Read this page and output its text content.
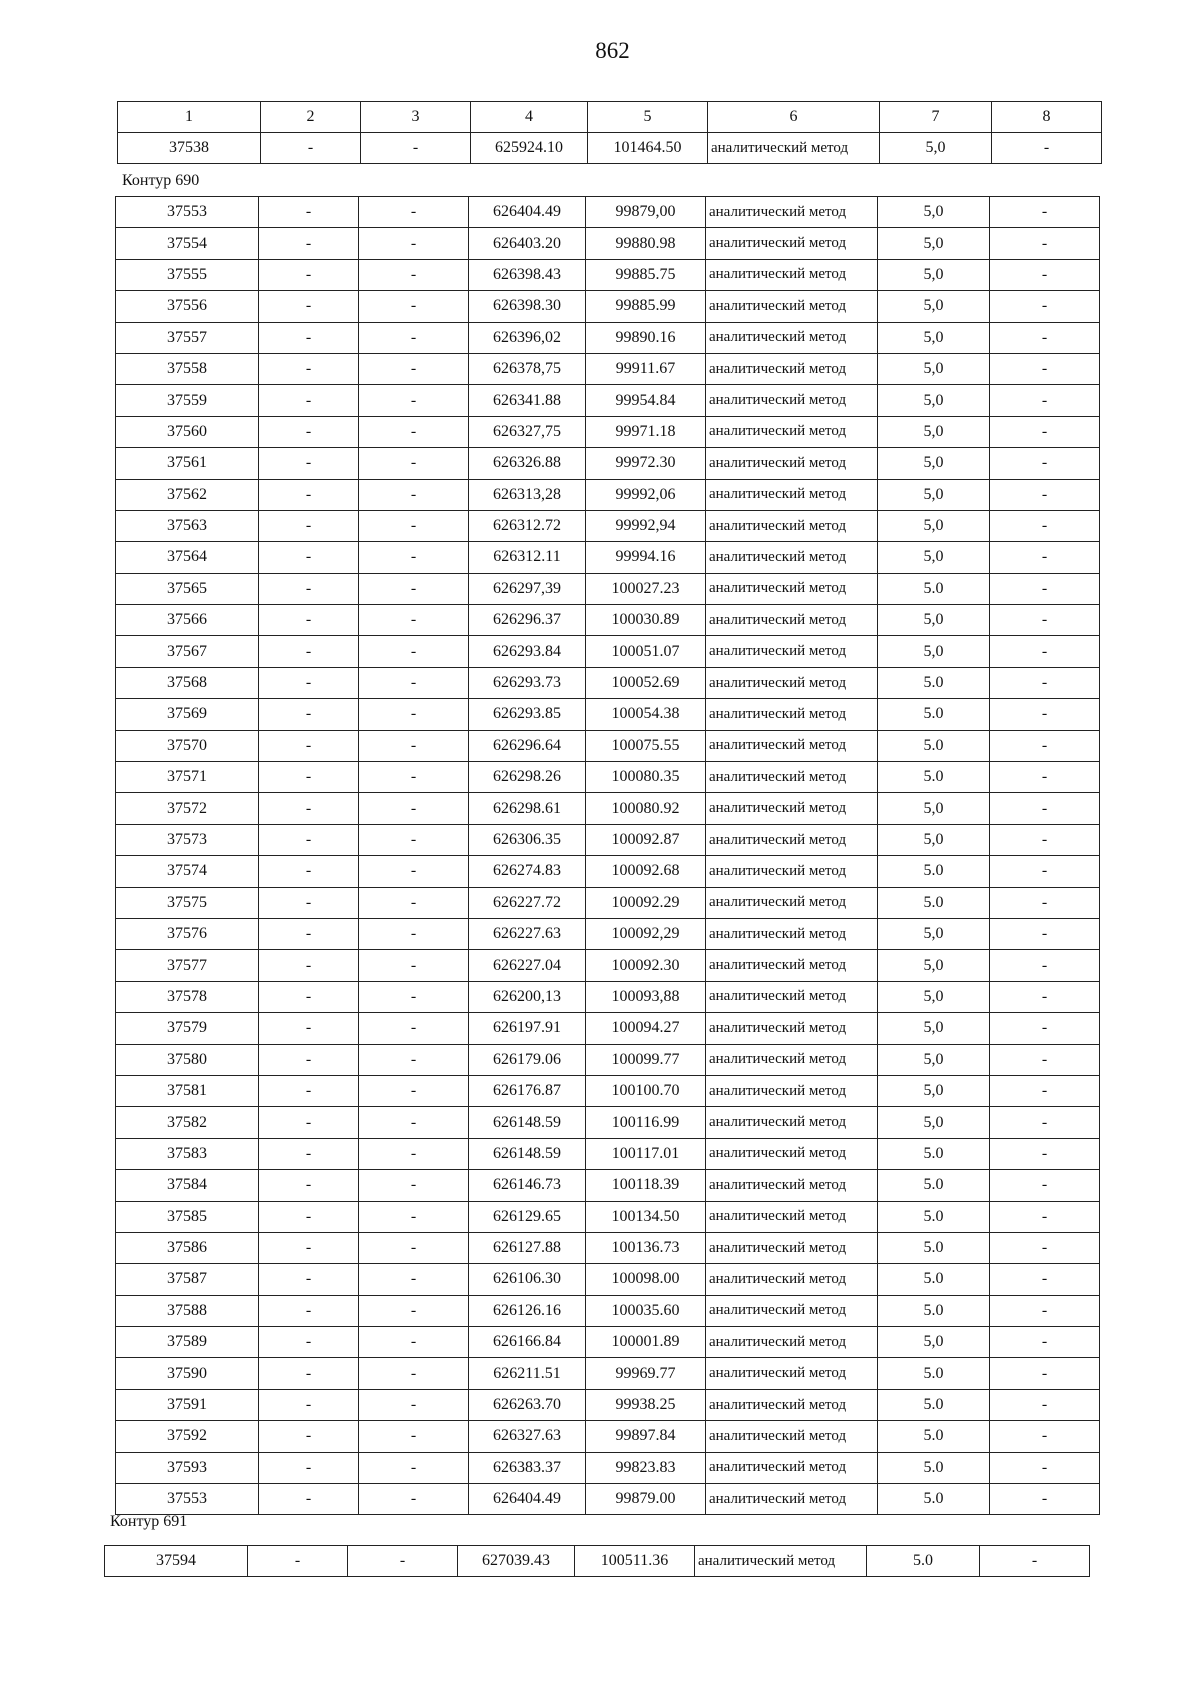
862
1	2	3	4	5	6	7	8
37538	-	-	625924.10	101464.50	аналитический метод	5,0	-
Контур 690
37553	-	-	626404.49	99879,00	аналитический метод	5,0	-
37554	-	-	626403.20	99880.98	аналитический метод	5,0	-
37555	-	-	626398.43	99885.75	аналитический метод	5,0	-
37556	-	-	626398.30	99885.99	аналитический метод	5,0	-
37557	-	-	626396,02	99890.16	аналитический метод	5,0	-
37558	-	-	626378,75	99911.67	аналитический метод	5,0	-
37559	-	-	626341.88	99954.84	аналитический метод	5,0	-
37560	-	-	626327,75	99971.18	аналитический метод	5,0	-
37561	-	-	626326.88	99972.30	аналитический метод	5,0	-
37562	-	-	626313,28	99992,06	аналитический метод	5,0	-
37563	-	-	626312.72	99992,94	аналитический метод	5,0	-
37564	-	-	626312.11	99994.16	аналитический метод	5,0	-
37565	-	-	626297,39	100027.23	аналитический метод	5.0	-
37566	-	-	626296.37	100030.89	аналитический метод	5,0	-
37567	-	-	626293.84	100051.07	аналитический метод	5,0	-
37568	-	-	626293.73	100052.69	аналитический метод	5.0	-
37569	-	-	626293.85	100054.38	аналитический метод	5.0	-
37570	-	-	626296.64	100075.55	аналитический метод	5.0	-
37571	-	-	626298.26	100080.35	аналитический метод	5.0	-
37572	-	-	626298.61	100080.92	аналитический метод	5,0	-
37573	-	-	626306.35	100092.87	аналитический метод	5,0	-
37574	-	-	626274.83	100092.68	аналитический метод	5.0	-
37575	-	-	626227.72	100092.29	аналитический метод	5.0	-
37576	-	-	626227.63	100092,29	аналитический метод	5,0	-
37577	-	-	626227.04	100092.30	аналитический метод	5,0	-
37578	-	-	626200,13	100093,88	аналитический метод	5,0	-
37579	-	-	626197.91	100094.27	аналитический метод	5,0	-
37580	-	-	626179.06	100099.77	аналитический метод	5,0	-
37581	-	-	626176.87	100100.70	аналитический метод	5,0	-
37582	-	-	626148.59	100116.99	аналитический метод	5,0	-
37583	-	-	626148.59	100117.01	аналитический метод	5.0	-
37584	-	-	626146.73	100118.39	аналитический метод	5.0	-
37585	-	-	626129.65	100134.50	аналитический метод	5.0	-
37586	-	-	626127.88	100136.73	аналитический метод	5.0	-
37587	-	-	626106.30	100098.00	аналитический метод	5.0	-
37588	-	-	626126.16	100035.60	аналитический метод	5.0	-
37589	-	-	626166.84	100001.89	аналитический метод	5,0	-
37590	-	-	626211.51	99969.77	аналитический метод	5.0	-
37591	-	-	626263.70	99938.25	аналитический метод	5.0	-
37592	-	-	626327.63	99897.84	аналитический метод	5.0	-
37593	-	-	626383.37	99823.83	аналитический метод	5.0	-
37553	-	-	626404.49	99879.00	аналитический метод	5.0	-
Контур 691
37594	-	-	627039.43	100511.36	аналитический метод	5.0	-
